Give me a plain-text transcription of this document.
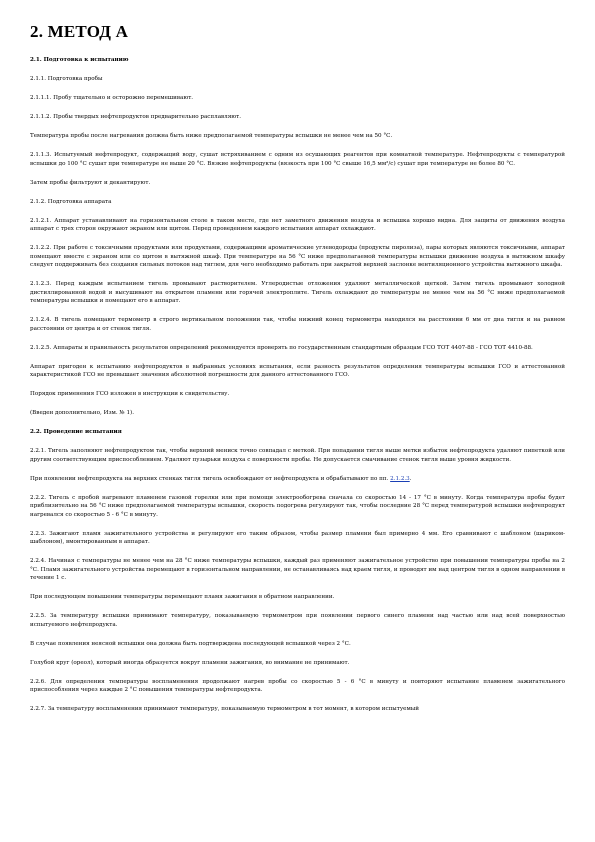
2. МЕТОД А

2.1. Подготовка к испытанию

2.1.1. Подготовка пробы

2.1.1.1. Пробу тщательно и осторожно перемешивают.

2.1.1.2. Пробы твердых нефтепродуктов предварительно расплавляют.

Температура пробы после нагревания должна быть ниже предполагаемой температуры вспышки не менее чем на 50 °С.

2.1.1.3. Испытуемый нефтепродукт, содержащий воду, сушат встряхиванием с одним из осушающих реагентов при комнатной температуре. Нефтепродукты с температурой вспышки до 100 °С сушат при температуре не выше 20 °С. Вязкие нефтепродукты (вязкость при 100 °С свыше 16,5 мм²/с) сушат при температуре не более 80 °С.

Затем пробы фильтруют и декантируют.

2.1.2. Подготовка аппарата

2.1.2.1. Аппарат устанавливают на горизонтальном столе в таком месте, где нет заметного движения воздуха и вспышка хорошо видна. Для защиты от движения воздуха аппарат с трех сторон окружают экраном или щитом. Перед проведением каждого испытания аппарат охлаждают.

2.1.2.2. При работе с токсичными продуктами или продуктами, содержащими ароматические углеводороды (продукты пиролиза), пары которых являются токсичными, аппарат помещают вместе с экраном или со щитом в вытяжной шкаф. При температуре на 56 °С ниже предполагаемой температуры вспышки движение воздуха в вытяжном шкафу следует поддерживать без создания сильных потоков над тиглем, для чего необходимо работать при закрытой верхней заслонке вентиляционного устройства вытяжного шкафа.

2.1.2.3. Перед каждым испытанием тигель промывают растворителем. Углеродистые отложения удаляют металлической щеткой. Затем тигель промывают холодной дистиллированной водой и высушивают на открытом пламени или горячей электроплите. Тигель охлаждают до температуры не менее чем на 56 °С ниже предполагаемой температуры вспышки и помещают его в аппарат.

2.1.2.4. В тигель помещают термометр в строго вертикальном положении так, чтобы нижний конец термометра находился на расстоянии 6 мм от дна тигля и на равном расстоянии от центра и от стенок тигля.

2.1.2.5. Аппараты и правильность результатов определений рекомендуется проверять по государственным стандартным образцам ГСО ТОТ 4407-88 - ГСО ТОТ 4410-88.

Аппарат пригоден к испытанию нефтепродуктов в выбранных условиях испытания, если разность результатов определения температуры вспышки ГСО и аттестованной характеристикой ГСО не превышает значения абсолютной погрешности для данного аттестованного ГСО.

Порядок применения ГСО изложен в инструкции к свидетельству.

(Введен дополнительно, Изм. № 1).

2.2. Проведение испытания

2.2.1. Тигель заполняют нефтепродуктом так, чтобы верхний мениск точно совпадал с меткой. При попадании тигля выше метки избыток нефтепродукта удаляют пипеткой или другим соответствующим приспособлением. Удаляют пузырьки воздуха с поверхности пробы. Не допускается смачивание стенок тигля выше уровня жидкости.

При появлении нефтепродукта на верхних стенках тигля тигель освобождают от нефтепродукта и обрабатывают по пп. 2.1.2.3.

2.2.2. Тигель с пробой нагревают пламенем газовой горелки или при помощи электрообогрева сначала со скоростью 14 - 17 °С в минуту. Когда температура пробы будет приблизительно на 56 °С ниже предполагаемой температуры вспышки, скорость подогрева регулируют так, чтобы последние 28 °С перед температурой вспышки нефтепродукт нагревался со скоростью 5 - 6 °С в минуту.

2.2.3. Зажигают пламя зажигательного устройства и регулируют его таким образом, чтобы размер пламени был примерно 4 мм. Его сравнивают с шаблоном (шариком-шаблоном), вмонтированным в аппарат.

2.2.4. Начиная с температуры не менее чем на 28 °С ниже температуры вспышки, каждый раз применяют зажигательное устройство при повышении температуры пробы на 2 °С. Пламя зажигательного устройства перемещают в горизонтальном направлении, не останавливаясь над краем тигля, и проводят им над центром тигля в одном направлении в течение 1 с.

При последующем повышении температуры перемещают пламя зажигания в обратном направлении.

2.2.5. За температуру вспышки принимают температуру, показываемую термометром при появлении первого синего пламени над частью или над всей поверхностью испытуемого нефтепродукта.

В случае появления неясной вспышки она должна быть подтверждена последующей вспышкой через 2 °С.

Голубой круг (ореол), который иногда образуется вокруг пламени зажигания, во внимание не принимают.

2.2.6. Для определения температуры воспламенения продолжают нагрев пробы со скоростью 5 - 6 °С в минуту и повторяют испытание пламенем зажигательного приспособления через каждые 2 °С повышения температуры нефтепродукта.

2.2.7. За температуру воспламенения принимают температуру, показываемую термометром в тот момент, в котором испытуемый
